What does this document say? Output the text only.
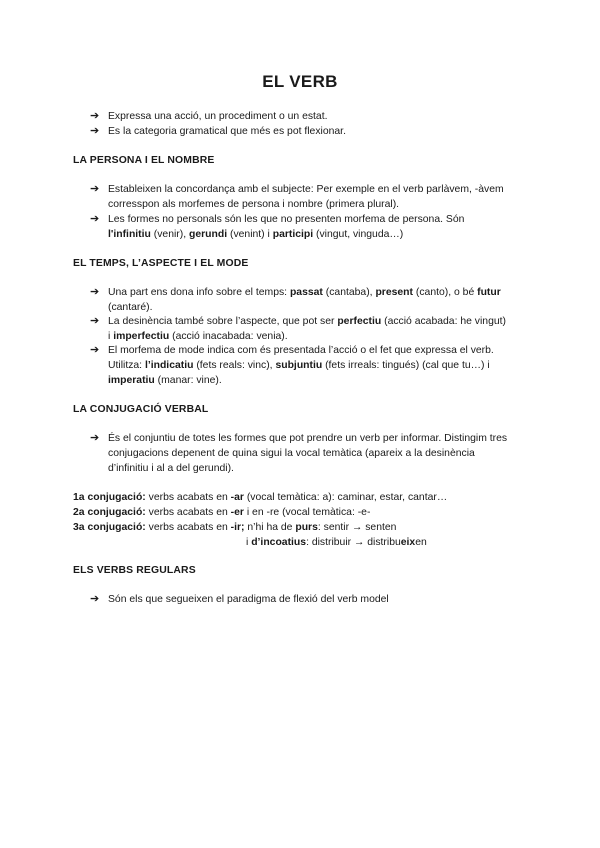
EL VERB
➔ Expressa una acció, un procediment o un estat.
➔ Es la categoria gramatical que més es pot flexionar.
LA PERSONA I EL NOMBRE
➔ Estableixen la concordança amb el subjecte: Per exemple en el verb parlàvem, -àvem corresspon als morfemes de persona i nombre (primera plural).
➔ Les formes no personals són les que no presenten morfema de persona. Són l'infinitiu (venir), gerundi (venint) i participi (vingut, vinguda…)
EL TEMPS, L’ASPECTE I EL MODE
➔ Una part ens dona info sobre el temps: passat (cantaba), present (canto), o bé futur (cantaré).
➔ La desinència també sobre l’aspecte, que pot ser perfectiu (acció acabada: he vingut) i imperfectiu (acció inacabada: venia).
➔ El morfema de mode indica com és presentada l’acció o el fet que expressa el verb. Utilitza: l’indicatiu (fets reals: vinc), subjuntiu (fets irreals: tingués) (cal que tu…) i imperatiu (manar: vine).
LA CONJUGACIÓ VERBAL
➔ És el conjuntiu de totes les formes que pot prendre un verb per informar. Distingim tres conjugacions depenent de quina sigui la vocal temàtica (apareix a la desinència d’infinitiu i al a del gerundi).
1a conjugació: verbs acabats en -ar (vocal temàtica: a): caminar, estar, cantar…
2a conjugació: verbs acabats en -er i en -re (vocal temàtica: -e-
3a conjugació: verbs acabats en -ir; n’hi ha de purs: sentir → senten
i d’incoatius: distribuir → distribueixen
ELS VERBS REGULARS
➔ Són els que segueixen el paradigma de flexió del verb model
